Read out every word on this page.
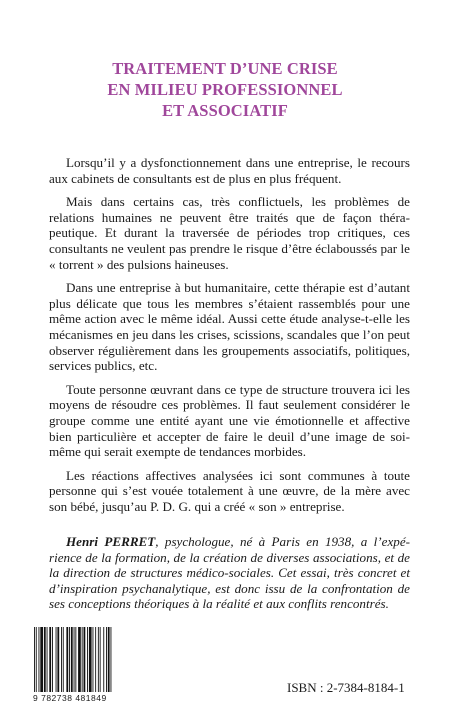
TRAITEMENT D’UNE CRISE
EN MILIEU PROFESSIONNEL
ET ASSOCIATIF

Lorsqu’il y a dysfonctionnement dans une entreprise, le recours aux cabinets de consultants est de plus en plus fréquent.

Mais dans certains cas, très conflictuels, les problèmes de relations humaines ne peuvent être traités que de façon thérapeutique. Et durant la traversée de périodes trop critiques, ces consultants ne veulent pas prendre le risque d’être éclaboussés par le « torrent » des pulsions haineuses.

Dans une entreprise à but humanitaire, cette thérapie est d’autant plus délicate que tous les membres s’étaient rassemblés pour une même action avec le même idéal. Aussi cette étude analyse-t-elle les mécanismes en jeu dans les crises, scissions, scandales que l’on peut observer régulièrement dans les groupements associatifs, politiques, services publics, etc.

Toute personne œuvrant dans ce type de structure trouvera ici les moyens de résoudre ces problèmes. Il faut seulement considérer le groupe comme une entité ayant une vie émotionnelle et affective bien particulière et accepter de faire le deuil d’une image de soi-même qui serait exempte de tendances morbides.

Les réactions affectives analysées ici sont communes à toute personne qui s’est vouée totalement à une œuvre, de la mère avec son bébé, jusqu’au P. D. G. qui a créé « son » entreprise.

Henri PERRET, psychologue, né à Paris en 1938, a l’expérience de la formation, de la création de diverses associations, et de la direction de structures médico-sociales. Cet essai, très concret et d’inspiration psychanalytique, est donc issu de la confrontation de ses conceptions théoriques à la réalité et aux conflits rencontrés.

9 782738 481849
ISBN : 2-7384-8184-1
